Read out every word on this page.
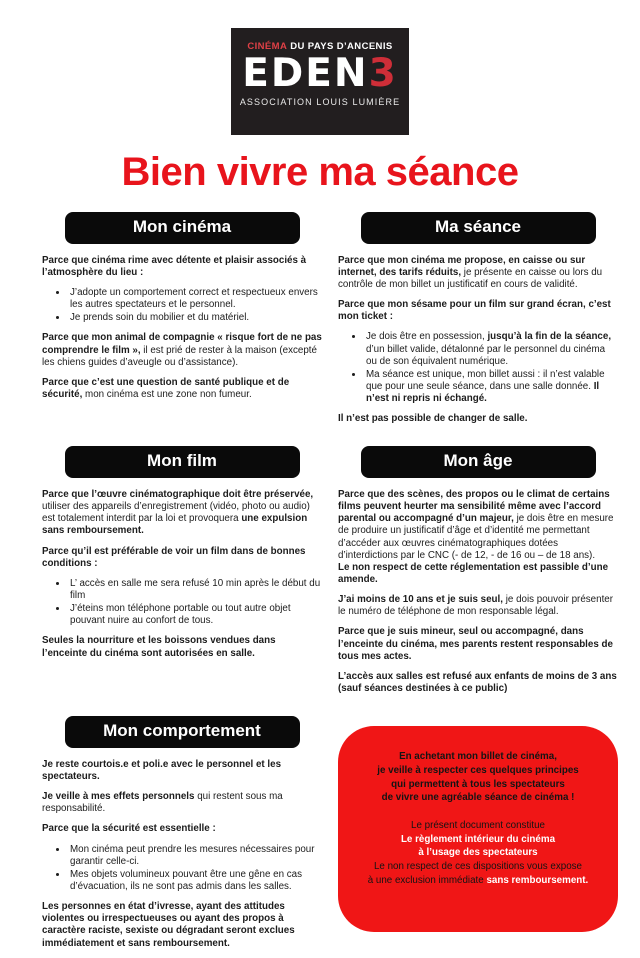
CINÉMA DU PAYS D’ANCENIS
EDEN3
ASSOCIATION LOUIS LUMIÈRE
Bien vivre ma séance
Mon cinéma

Parce que cinéma rime avec détente et plaisir associés à l’atmosphère du lieu :

• J’adopte un comportement correct et respectueux envers les autres spectateurs et le personnel.
• Je prends soin du mobilier et du matériel.

Parce que mon animal de compagnie « risque fort de ne pas comprendre le film », il est prié de rester à la maison (excepté les chiens guides d’aveugle ou d’assistance).

Parce que c’est une question de santé publique et de sécurité, mon cinéma est une zone non fumeur.

Ma séance

Parce que mon cinéma me propose, en caisse ou sur internet, des tarifs réduits, je présente en caisse ou lors du contrôle de mon billet un justificatif en cours de validité.

Parce que mon sésame pour un film sur grand écran, c’est mon ticket :

• Je dois être en possession, jusqu’à la fin de la séance, d’un billet valide, détalonné par le personnel du cinéma ou de son équivalent numérique.
• Ma séance est unique, mon billet aussi : il n’est valable que pour une seule séance, dans une salle donnée. Il n’est ni repris ni échangé.

Il n’est pas possible de changer de salle.

Mon film

Parce que l’œuvre cinématographique doit être préservée, utiliser des appareils d’enregistrement (vidéo, photo ou audio) est totalement interdit par la loi et provoquera une expulsion sans remboursement.

Parce qu’il est préférable de voir un film dans de bonnes conditions :

• L’ accès en salle me sera refusé 10 min après le début du film
• J’éteins mon téléphone portable ou tout autre objet pouvant nuire au confort de tous.

Seules la nourriture et les boissons vendues dans l’enceinte du cinéma sont autorisées en salle.

Mon âge

Parce que des scènes, des propos ou le climat de certains films peuvent heurter ma sensibilité même avec l’accord parental ou accompagné d’un majeur, je dois être en mesure de produire un justificatif d’âge et d’identité me permettant d’accéder aux œuvres cinématographiques dotées d’interdictions par le CNC (- de 12, - de 16 ou – de 18 ans).
Le non respect de cette réglementation est passible d’une amende.

J’ai moins de 10 ans et je suis seul, je dois pouvoir présenter le numéro de téléphone de mon responsable légal.

Parce que je suis mineur, seul ou accompagné, dans l’enceinte du cinéma, mes parents restent responsables de tous mes actes.

L’accès aux salles est refusé aux enfants de moins de 3 ans
(sauf séances destinées à ce public)

Mon comportement

Je reste courtois.e et poli.e avec le personnel et les spectateurs.

Je veille à mes effets personnels qui restent sous ma responsabilité.

Parce que la sécurité est essentielle :

• Mon cinéma peut prendre les mesures nécessaires pour garantir celle-ci.
• Mes objets volumineux pouvant être une gêne en cas d’évacuation, ils ne sont pas admis dans les salles.

Les personnes en état d’ivresse, ayant des attitudes violentes ou irrespectueuses ou ayant des propos à caractère raciste, sexiste ou dégradant seront exclues immédiatement et sans remboursement.

En achetant mon billet de cinéma,
je veille à respecter ces quelques principes
qui permettent à tous les spectateurs
de vivre une agréable séance de cinéma !
Le présent document constitue
Le règlement intérieur du cinéma
à l’usage des spectateurs
Le non respect de ces dispositions vous expose
à une exclusion immédiate sans remboursement.
